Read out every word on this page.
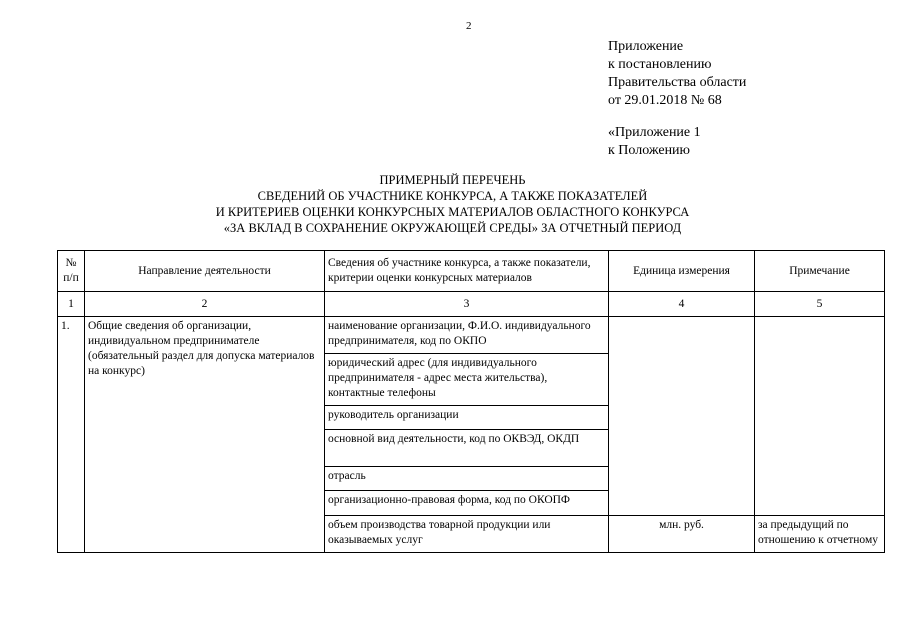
2
Приложение
к постановлению
Правительства области
от 29.01.2018 № 68
«Приложение 1
к Положению
ПРИМЕРНЫЙ ПЕРЕЧЕНЬ
СВЕДЕНИЙ ОБ УЧАСТНИКЕ КОНКУРСА, А ТАКЖЕ ПОКАЗАТЕЛЕЙ
И КРИТЕРИЕВ ОЦЕНКИ КОНКУРСНЫХ МАТЕРИАЛОВ ОБЛАСТНОГО КОНКУРСА
«ЗА ВКЛАД В СОХРАНЕНИЕ ОКРУЖАЮЩЕЙ СРЕДЫ» ЗА ОТЧЕТНЫЙ ПЕРИОД
№ п/п	Направление деятельности	Сведения об участнике конкурса, а также показатели, критерии оценки конкурсных материалов	Единица измерения	Примечание
1	2	3	4	5
1.	Общие сведения об организации, индивидуальном предпринимателе (обязательный раздел для допуска материалов на конкурс)	наименование организации, Ф.И.О. индивидуального предпринимателя, код по ОКПО		
		юридический адрес (для индивидуального предпринимателя - адрес места жительства), контактные телефоны		
		руководитель организации		
		основной вид деятельности, код по ОКВЭД, ОКДП		
		отрасль		
		организационно-правовая форма, код по ОКОПФ		
		объем производства товарной продукции или оказываемых услуг	млн. руб.	за предыдущий по отношению к отчетному
